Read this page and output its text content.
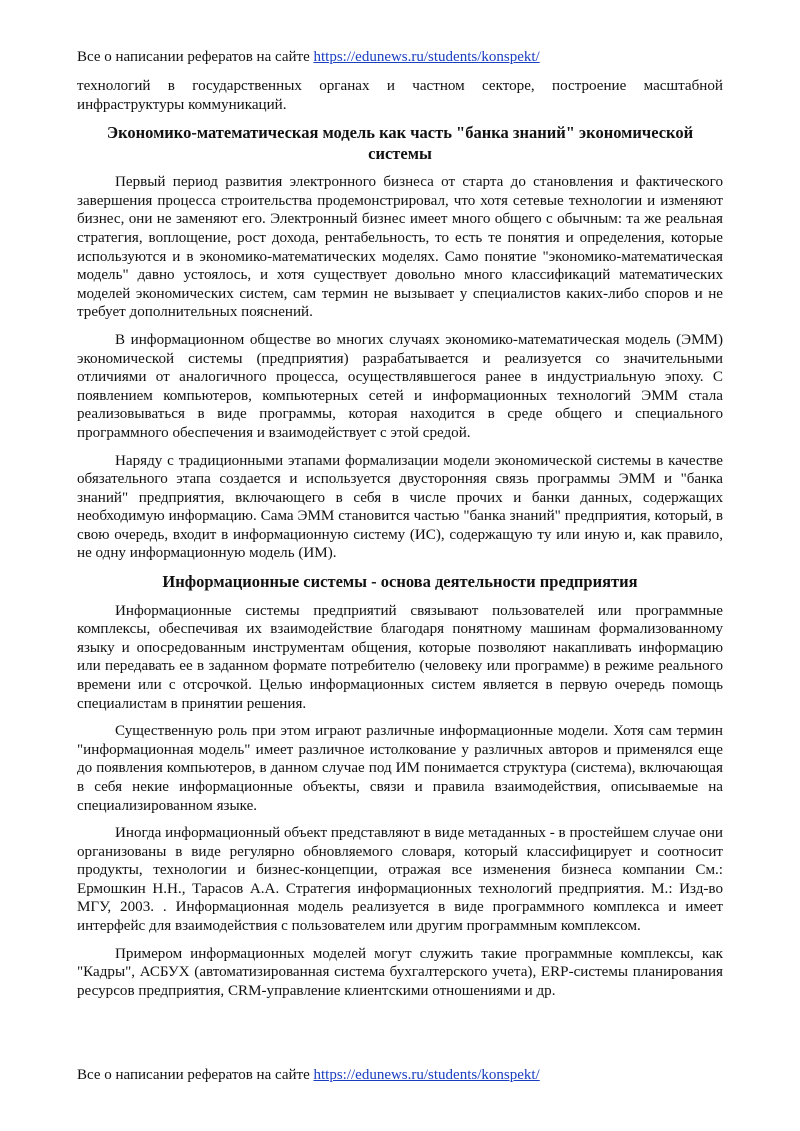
Все о написании рефератов на сайте https://edunews.ru/students/konspekt/

технологий в государственных органах и частном секторе, построение масштабной инфраструктуры коммуникаций.

Экономико-математическая модель как часть "банка знаний" экономической системы

Первый период развития электронного бизнеса от старта до становления и фактического завершения процесса строительства продемонстрировал, что хотя сетевые технологии и изменяют бизнес, они не заменяют его. Электронный бизнес имеет много общего с обычным: та же реальная стратегия, воплощение, рост дохода, рентабельность, то есть те понятия и определения, которые используются и в экономико-математических моделях. Само понятие "экономико-математическая модель" давно устоялось, и хотя существует довольно много классификаций математических моделей экономических систем, сам термин не вызывает у специалистов каких-либо споров и не требует дополнительных пояснений.

В информационном обществе во многих случаях экономико-математическая модель (ЭММ) экономической системы (предприятия) разрабатывается и реализуется со значительными отличиями от аналогичного процесса, осуществлявшегося ранее в индустриальную эпоху. С появлением компьютеров, компьютерных сетей и информационных технологий ЭММ стала реализовываться в виде программы, которая находится в среде общего и специального программного обеспечения и взаимодействует с этой средой.

Наряду с традиционными этапами формализации модели экономической системы в качестве обязательного этапа создается и используется двусторонняя связь программы ЭММ и "банка знаний" предприятия, включающего в себя в числе прочих и банки данных, содержащих необходимую информацию. Сама ЭММ становится частью "банка знаний" предприятия, который, в свою очередь, входит в информационную систему (ИС), содержащую ту или иную и, как правило, не одну информационную модель (ИМ).

Информационные системы - основа деятельности предприятия

Информационные системы предприятий связывают пользователей или программные комплексы, обеспечивая их взаимодействие благодаря понятному машинам формализованному языку и опосредованным инструментам общения, которые позволяют накапливать информацию или передавать ее в заданном формате потребителю (человеку или программе) в режиме реального времени или с отсрочкой. Целью информационных систем является в первую очередь помощь специалистам в принятии решения.

Существенную роль при этом играют различные информационные модели. Хотя сам термин "информационная модель" имеет различное истолкование у различных авторов и применялся еще до появления компьютеров, в данном случае под ИМ понимается структура (система), включающая в себя некие информационные объекты, связи и правила взаимодействия, описываемые на специализированном языке.

Иногда информационный объект представляют в виде метаданных - в простейшем случае они организованы в виде регулярно обновляемого словаря, который классифицирует и соотносит продукты, технологии и бизнес-концепции, отражая все изменения бизнеса компании См.: Ермошкин Н.Н., Тарасов А.А. Стратегия информационных технологий предприятия. М.: Изд-во МГУ, 2003. . Информационная модель реализуется в виде программного комплекса и имеет интерфейс для взаимодействия с пользователем или другим программным комплексом.

Примером информационных моделей могут служить такие программные комплексы, как "Кадры", АСБУХ (автоматизированная система бухгалтерского учета), ERP-системы планирования ресурсов предприятия, CRM-управление клиентскими отношениями и др.

Все о написании рефератов на сайте https://edunews.ru/students/konspekt/
